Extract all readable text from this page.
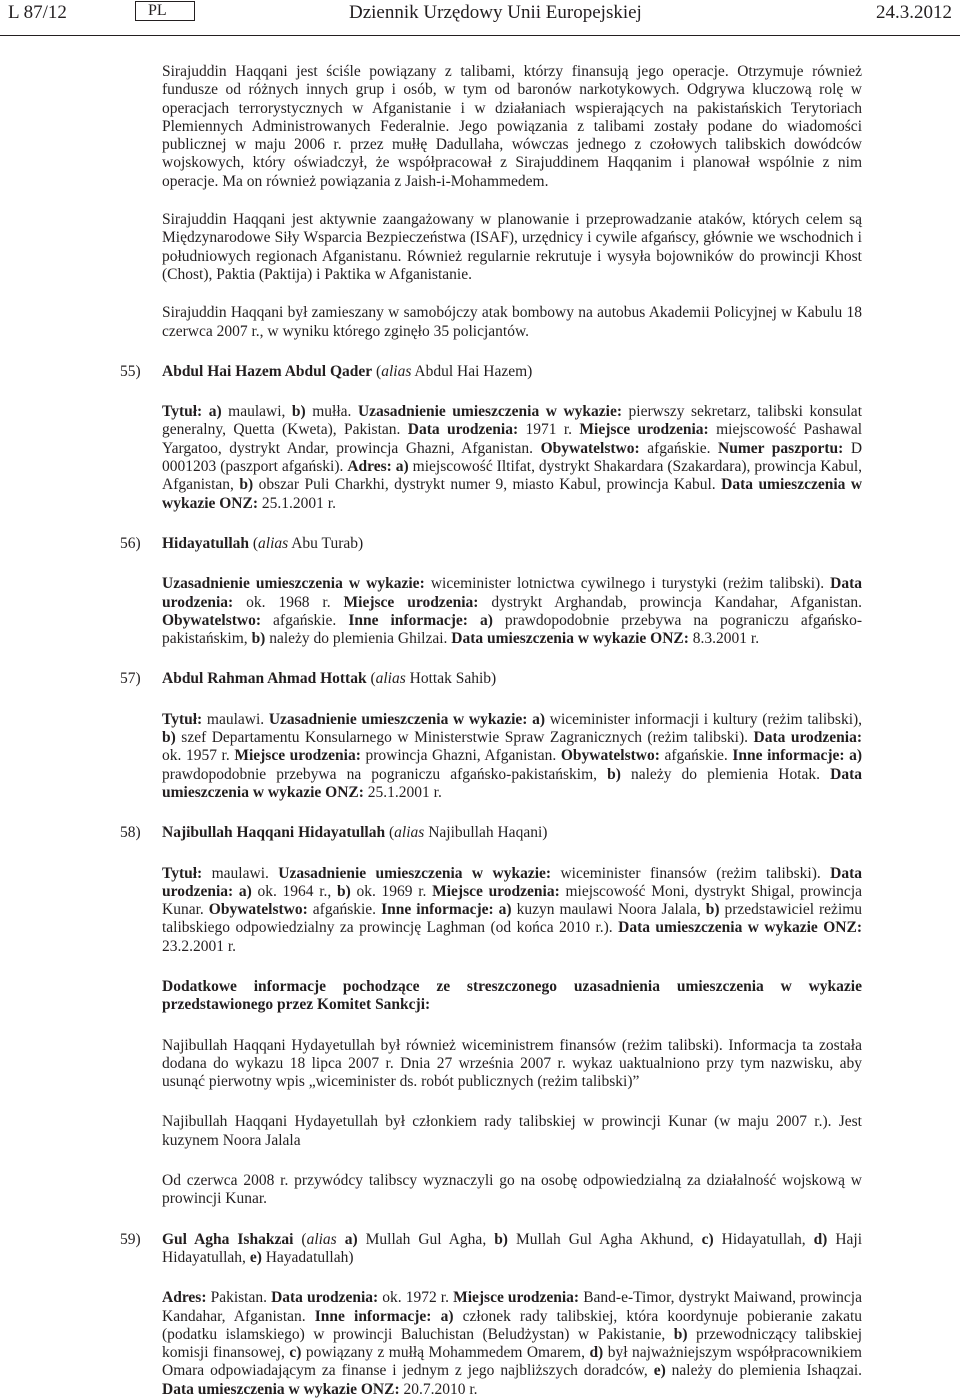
L 87/12	PL	Dziennik Urzędowy Unii Europejskiej	24.3.2012

Sirajuddin Haqqani jest ściśle powiązany z talibami, którzy finansują jego operacje. Otrzymuje również fundusze od różnych innych grup i osób, w tym od baronów narkotykowych. Odgrywa kluczową rolę w operacjach terrorystycznych w Afganistanie i w działaniach wspierających na pakistańskich Terytoriach Plemiennych Administrowanych Federalnie. Jego powiązania z talibami zostały podane do wiadomości publicznej w maju 2006 r. przez mułłę Dadullaha, wówczas jednego z czołowych talibskich dowódców wojskowych, który oświadczył, że współpracował z Sirajuddinem Haqqanim i planował wspólnie z nim operacje. Ma on również powiązania z Jaish-i-Mohammedem.

Sirajuddin Haqqani jest aktywnie zaangażowany w planowanie i przeprowadzanie ataków, których celem są Międzynarodowe Siły Wsparcia Bezpieczeństwa (ISAF), urzędnicy i cywile afgańscy, głównie we wschodnich i południowych regionach Afganistanu. Również regularnie rekrutuje i wysyła bojowników do prowincji Khost (Chost), Paktia (Paktija) i Paktika w Afganistanie.

Sirajuddin Haqqani był zamieszany w samobójczy atak bombowy na autobus Akademii Policyjnej w Kabulu 18 czerwca 2007 r., w wyniku którego zginęło 35 policjantów.

55) Abdul Hai Hazem Abdul Qader (alias Abdul Hai Hazem)

Tytuł: a) maulawi, b) mułła. Uzasadnienie umieszczenia w wykazie: pierwszy sekretarz, talibski konsulat generalny, Quetta (Kweta), Pakistan. Data urodzenia: 1971 r. Miejsce urodzenia: miejscowość Pashawal Yargatoo, dystrykt Andar, prowincja Ghazni, Afganistan. Obywatelstwo: afgańskie. Numer paszportu: D 0001203 (paszport afgański). Adres: a) miejscowość Iltifat, dystrykt Shakardara (Szakardara), prowincja Kabul, Afganistan, b) obszar Puli Charkhi, dystrykt numer 9, miasto Kabul, prowincja Kabul. Data umieszczenia w wykazie ONZ: 25.1.2001 r.

56) Hidayatullah (alias Abu Turab)

Uzasadnienie umieszczenia w wykazie: wiceminister lotnictwa cywilnego i turystyki (reżim talibski). Data urodzenia: ok. 1968 r. Miejsce urodzenia: dystrykt Arghandab, prowincja Kandahar, Afganistan. Obywatelstwo: afgańskie. Inne informacje: a) prawdopodobnie przebywa na pograniczu afgańsko-pakistańskim, b) należy do plemienia Ghilzai. Data umieszczenia w wykazie ONZ: 8.3.2001 r.

57) Abdul Rahman Ahmad Hottak (alias Hottak Sahib)

Tytuł: maulawi. Uzasadnienie umieszczenia w wykazie: a) wiceminister informacji i kultury (reżim talibski), b) szef Departamentu Konsularnego w Ministerstwie Spraw Zagranicznych (reżim talibski). Data urodzenia: ok. 1957 r. Miejsce urodzenia: prowincja Ghazni, Afganistan. Obywatelstwo: afgańskie. Inne informacje: a) prawdopodobnie przebywa na pograniczu afgańsko-pakistańskim, b) należy do plemienia Hotak. Data umieszczenia w wykazie ONZ: 25.1.2001 r.

58) Najibullah Haqqani Hidayatullah (alias Najibullah Haqani)

Tytuł: maulawi. Uzasadnienie umieszczenia w wykazie: wiceminister finansów (reżim talibski). Data urodzenia: a) ok. 1964 r., b) ok. 1969 r. Miejsce urodzenia: miejscowość Moni, dystrykt Shigal, prowincja Kunar. Obywatelstwo: afgańskie. Inne informacje: a) kuzyn maulawi Noora Jalala, b) przedstawiciel reżimu talibskiego odpowiedzialny za prowincję Laghman (od końca 2010 r.). Data umieszczenia w wykazie ONZ: 23.2.2001 r.

Dodatkowe informacje pochodzące ze streszczonego uzasadnienia umieszczenia w wykazie przedstawionego przez Komitet Sankcji:

Najibullah Haqqani Hydayetullah był również wiceministrem finansów (reżim talibski). Informacja ta została dodana do wykazu 18 lipca 2007 r. Dnia 27 września 2007 r. wykaz uaktualniono przy tym nazwisku, aby usunąć pierwotny wpis „wiceminister ds. robót publicznych (reżim talibski)”

Najibullah Haqqani Hydayetullah był członkiem rady talibskiej w prowincji Kunar (w maju 2007 r.). Jest kuzynem Noora Jalala

Od czerwca 2008 r. przywódcy talibscy wyznaczyli go na osobę odpowiedzialną za działalność wojskową w prowincji Kunar.

59) Gul Agha Ishakzai (alias a) Mullah Gul Agha, b) Mullah Gul Agha Akhund, c) Hidayatullah, d) Haji Hidayatullah, e) Hayadatullah)

Adres: Pakistan. Data urodzenia: ok. 1972 r. Miejsce urodzenia: Band-e-Timor, dystrykt Maiwand, prowincja Kandahar, Afganistan. Inne informacje: a) członek rady talibskiej, która koordynuje pobieranie zakatu (podatku islamskiego) w prowincji Baluchistan (Beludżystan) w Pakistanie, b) przewodniczący talibskiej komisji finansowej, c) powiązany z mułłą Mohammedem Omarem, d) był najważniejszym współpracownikiem Omara odpowiadającym za finanse i jednym z jego najbliższych doradców, e) należy do plemienia Ishaqzai. Data umieszczenia w wykazie ONZ: 20.7.2010 r.
